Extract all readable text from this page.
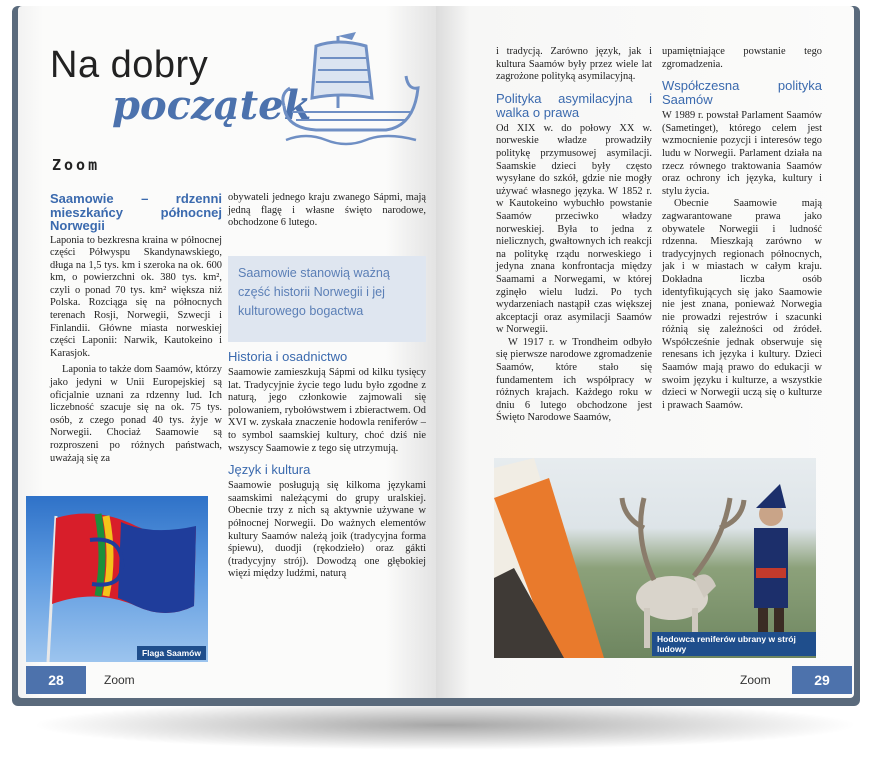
Na dobry
początek
Zoom
Saamowie – rdzenni mieszkańcy północnej Norwegii

Laponia to bezkresna kraina w północnej części Półwyspu Skandynawskiego, długa na 1,5 tys. km i szeroka na ok. 600 km, o powierzchni ok. 380 tys. km², czyli o ponad 70 tys. km² większa niż Polska. Rozciąga się na północnych terenach Rosji, Norwegii, Szwecji i Finlandii. Główne miasta norweskiej części Laponii: Narwik, Kautokeino i Karasjok.

Laponia to także dom Saamów, którzy jako jedyni w Unii Europejskiej są oficjalnie uznani za rdzenny lud. Ich liczebność szacuje się na ok. 75 tys. osób, z czego ponad 40 tys. żyje w Norwegii. Chociaż Saamowie są rozproszeni po różnych państwach, uważają się za

obywateli jednego kraju zwanego Sápmi, mają jedną flagę i własne święto narodowe, obchodzone 6 lutego.

Saamowie stanowią ważną część historii Norwegii i jej kulturowego bogactwa
Historia i osadnictwo

Saamowie zamieszkują Sápmi od kilku tysięcy lat. Tradycyjnie życie tego ludu było zgodne z naturą, jego członkowie zajmowali się polowaniem, rybołówstwem i zbieractwem. Od XVI w. zyskała znaczenie hodowla reniferów – to symbol saamskiej kultury, choć dziś nie wszyscy Saamowie z tego się utrzymują.

Język i kultura

Saamowie posługują się kilkoma językami saamskimi należącymi do grupy uralskiej. Obecnie trzy z nich są aktywnie używane w północnej Norwegii. Do ważnych elementów kultury Saamów należą joik (tradycyjna forma śpiewu), duodji (rękodzieło) oraz gákti (tradycyjny strój). Dowodzą one głębokiej więzi między ludźmi, naturą

Flaga Saamów
28	Zoom

i tradycją. Zarówno język, jak i kultura Saamów były przez wiele lat zagrożone polityką asymilacyjną.

Polityka asymilacyjna i walka o prawa

Od XIX w. do połowy XX w. norweskie władze prowadziły politykę przymusowej asymilacji. Saamskie dzieci były często wysyłane do szkół, gdzie nie mogły używać własnego języka. W 1852 r. w Kautokeino wybuchło powstanie Saamów przeciwko władzy norweskiej. Była to jedna z nielicznych, gwałtownych ich reakcji na politykę rządu norweskiego i jedyna znana konfrontacja między Saamami a Norwegami, w której zginęło wielu ludzi. Po tych wydarzeniach nastąpił czas większej akceptacji oraz asymilacji Saamów w Norwegii.

W 1917 r. w Trondheim odbyło się pierwsze narodowe zgromadzenie Saamów, które stało się fundamentem ich współpracy w różnych krajach. Każdego roku w dniu 6 lutego obchodzone jest Święto Narodowe Saamów,

upamiętniające powstanie tego zgromadzenia.

Współczesna polityka Saamów

W 1989 r. powstał Parlament Saamów (Sametinget), którego celem jest wzmocnienie pozycji i interesów tego ludu w Norwegii. Parlament działa na rzecz równego traktowania Saamów oraz ochrony ich języka, kultury i stylu życia.

Obecnie Saamowie mają zagwarantowane prawa jako obywatele Norwegii i ludność rdzenna. Mieszkają zarówno w tradycyjnych regionach północnych, jak i w miastach w całym kraju. Dokładna liczba osób identyfikujących się jako Saamowie nie jest znana, ponieważ Norwegia nie prowadzi rejestrów i szacunki różnią się zależności od źródeł. Współcześnie jednak obserwuje się renesans ich języka i kultury. Dzieci Saamów mają prawo do edukacji w swoim języku i kulturze, a wszystkie dzieci w Norwegii uczą się o kulturze i prawach Saamów.

Hodowca reniferów ubrany w strój ludowy
Zoom	29
